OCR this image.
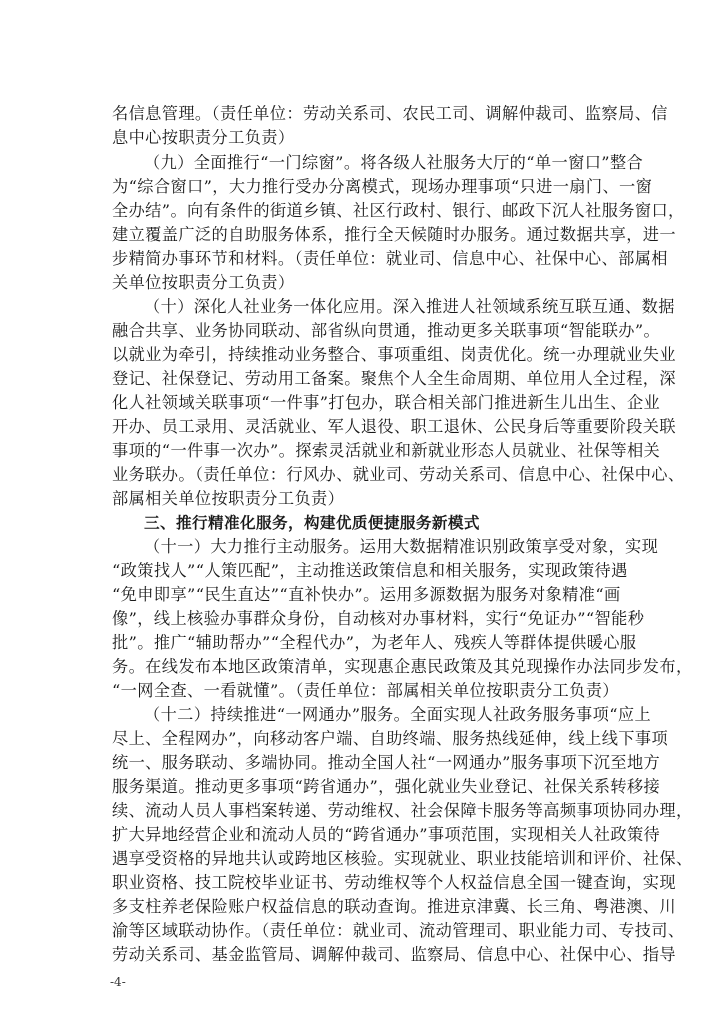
名信息管理。（责任单位：劳动关系司、农民工司、调解仲裁司、监察局、信
息中心按职责分工负责）
（九）全面推行“一门综窗”。将各级人社服务大厅的“单一窗口”整合
为“综合窗口”，大力推行受办分离模式，现场办理事项“只进一扇门、一窗
全办结”。向有条件的街道乡镇、社区行政村、银行、邮政下沉人社服务窗口，
建立覆盖广泛的自助服务体系，推行全天候随时办服务。通过数据共享，进一
步精简办事环节和材料。（责任单位：就业司、信息中心、社保中心、部属相
关单位按职责分工负责）
（十）深化人社业务一体化应用。深入推进人社领域系统互联互通、数据
融合共享、业务协同联动、部省纵向贯通，推动更多关联事项“智能联办”。
以就业为牵引，持续推动业务整合、事项重组、岗责优化。统一办理就业失业
登记、社保登记、劳动用工备案。聚焦个人全生命周期、单位用人全过程，深
化人社领域关联事项“一件事”打包办，联合相关部门推进新生儿出生、企业
开办、员工录用、灵活就业、军人退役、职工退休、公民身后等重要阶段关联
事项的“一件事一次办”。探索灵活就业和新就业形态人员就业、社保等相关
业务联办。（责任单位：行风办、就业司、劳动关系司、信息中心、社保中心、
部属相关单位按职责分工负责）
三、推行精准化服务，构建优质便捷服务新模式
（十一）大力推行主动服务。运用大数据精准识别政策享受对象，实现
“政策找人”“人策匹配”，主动推送政策信息和相关服务，实现政策待遇
“免申即享”“民生直达”“直补快办”。运用多源数据为服务对象精准“画
像”，线上核验办事群众身份，自动核对办事材料，实行“免证办”“智能秒
批”。推广“辅助帮办”“全程代办”，为老年人、残疾人等群体提供暖心服
务。在线发布本地区政策清单，实现惠企惠民政策及其兑现操作办法同步发布，
“一网全查、一看就懂”。（责任单位：部属相关单位按职责分工负责）
（十二）持续推进“一网通办”服务。全面实现人社政务服务事项“应上
尽上、全程网办”，向移动客户端、自助终端、服务热线延伸，线上线下事项
统一、服务联动、多端协同。推动全国人社“一网通办”服务事项下沉至地方
服务渠道。推动更多事项“跨省通办”，强化就业失业登记、社保关系转移接
续、流动人员人事档案转递、劳动维权、社会保障卡服务等高频事项协同办理，
扩大异地经营企业和流动人员的“跨省通办”事项范围，实现相关人社政策待
遇享受资格的异地共认或跨地区核验。实现就业、职业技能培训和评价、社保、
职业资格、技工院校毕业证书、劳动维权等个人权益信息全国一键查询，实现
多支柱养老保险账户权益信息的联动查询。推进京津冀、长三角、粤港澳、川
渝等区域联动协作。（责任单位：就业司、流动管理司、职业能力司、专技司、
劳动关系司、基金监管局、调解仲裁司、监察局、信息中心、社保中心、指导
-4-
